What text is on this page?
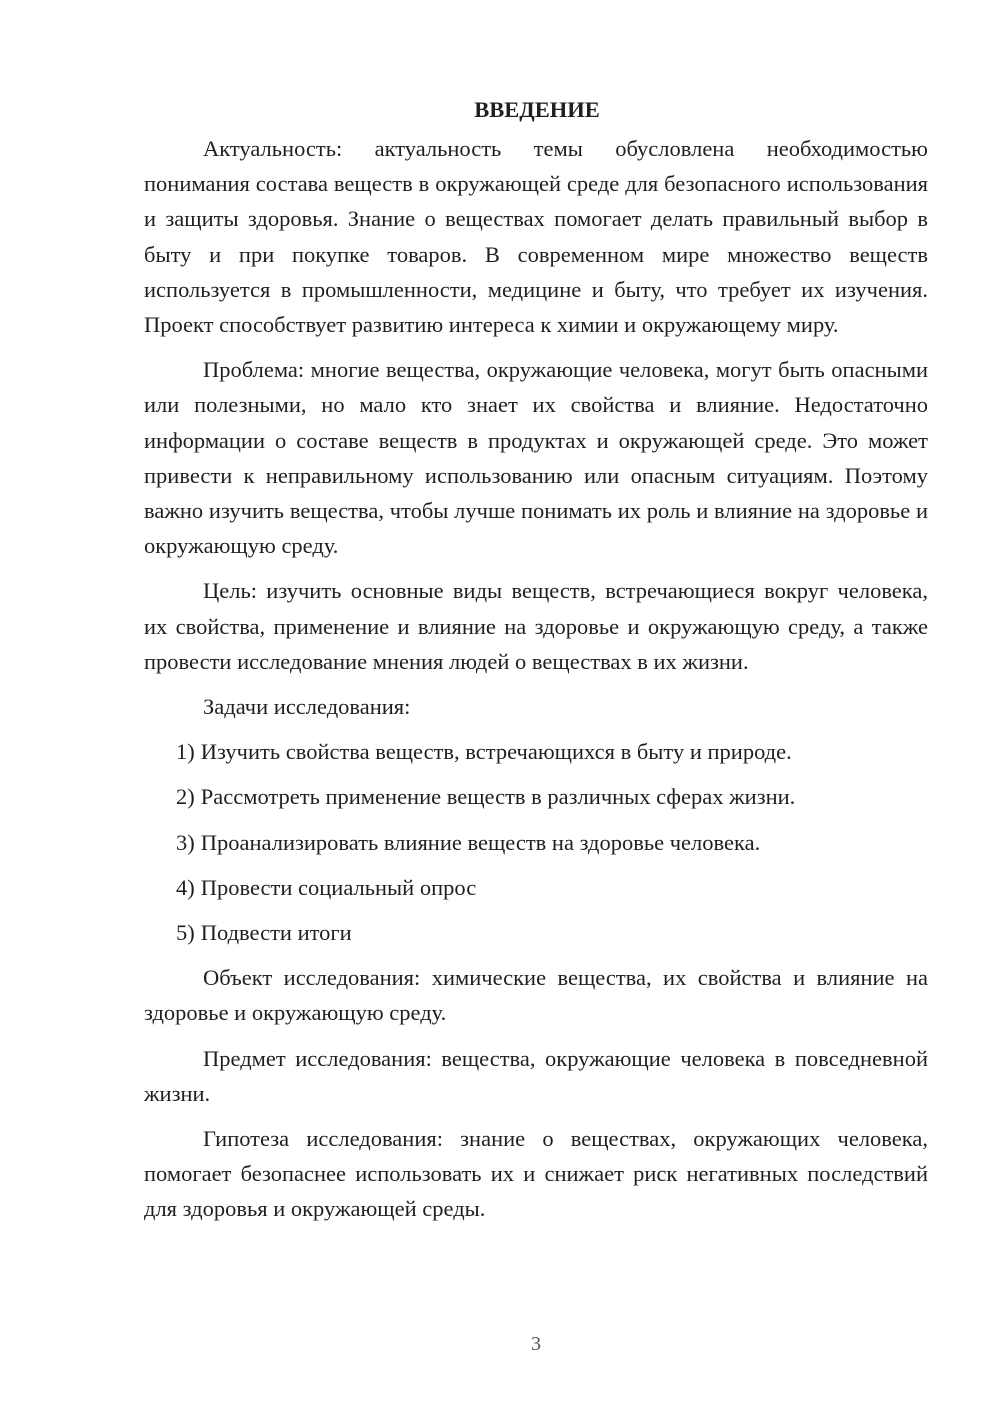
ВВЕДЕНИЕ

Актуальность: актуальность темы обусловлена необходимостью понимания состава веществ в окружающей среде для безопасного использования и защиты здоровья. Знание о веществах помогает делать правильный выбор в быту и при покупке товаров. В современном мире множество веществ используется в промышленности, медицине и быту, что требует их изучения. Проект способствует развитию интереса к химии и окружающему миру.

Проблема: многие вещества, окружающие человека, могут быть опасными или полезными, но мало кто знает их свойства и влияние. Недостаточно информации о составе веществ в продуктах и окружающей среде. Это может привести к неправильному использованию или опасным ситуациям. Поэтому важно изучить вещества, чтобы лучше понимать их роль и влияние на здоровье и окружающую среду.

Цель: изучить основные виды веществ, встречающиеся вокруг человека, их свойства, применение и влияние на здоровье и окружающую среду, а также провести исследование мнения людей о веществах в их жизни.

Задачи исследования:

1) Изучить свойства веществ, встречающихся в быту и природе.
2) Рассмотреть применение веществ в различных сферах жизни.
3) Проанализировать влияние веществ на здоровье человека.
4) Провести социальный опрос
5) Подвести итоги

Объект исследования: химические вещества, их свойства и влияние на здоровье и окружающую среду.

Предмет исследования: вещества, окружающие человека в повседневной жизни.

Гипотеза исследования: знание о веществах, окружающих человека, помогает безопаснее использовать их и снижает риск негативных последствий для здоровья и окружающей среды.

3
